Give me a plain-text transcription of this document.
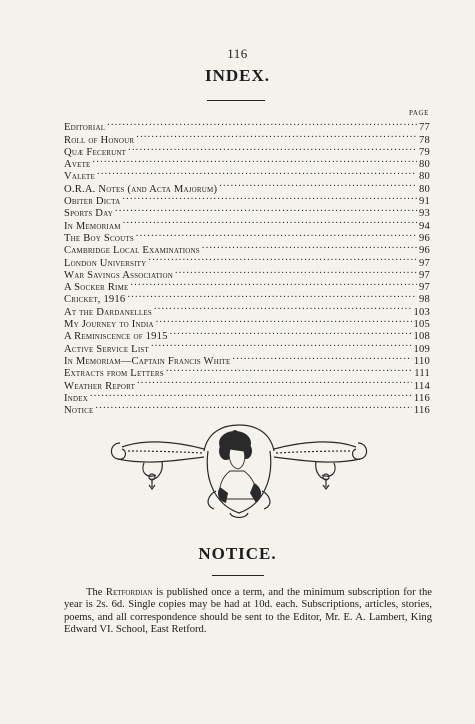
116
INDEX.
PAGE
Editorial . . .	77
Roll of Honour . . .	78
Quæ Fecerunt . . .	79
Avete . . .	80
Valete . . .	80
O.R.A. Notes (and Acta Majorum) . . .	80
Obiter Dicta . . .	91
Sports Day . . .	93
In Memoriam . . .	94
The Boy Scouts . . .	96
Cambridge Local Examinations . . .	96
London University . . .	97
War Savings Association . . .	97
A Socker Rime . . .	97
Cricket, 1916 . . .	98
At the Dardanelles . . .	103
My Journey to India . . .	105
A Reminiscence of 1915 . . .	108
Active Service List . . .	109
In Memoriam—Captain Francis White . . .	110
Extracts from Letters . . .	111
Weather Report . . .	114
Index . . .	116
Notice . . .	116
NOTICE.
The Retfordian is published once a term, and the minimum subscription for the year is 2s. 6d. Single copies may be had at 10d. each. Subscriptions, articles, stories, poems, and all correspondence should be sent to the Editor, Mr. E. A. Lambert, King Edward VI. School, East Retford.
